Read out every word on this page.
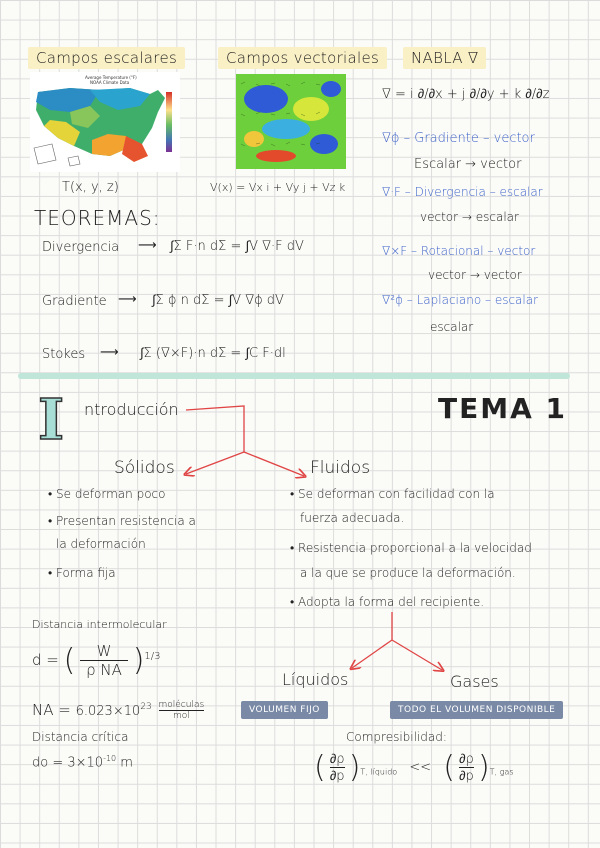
Campos escalares	Campos vectoriales	NABLA ∇
Average Temperature (°F)
NOAA Climate Data
T(x, y, z)	V(x) = Vx i + Vy j + Vz k
∇ = i ∂/∂x + j ∂/∂y + k ∂/∂z
∇ϕ – Gradiente – vector
Escalar → vector
∇·F – Divergencia – escalar
vector → escalar
∇×F – Rotacional – vector
vector → vector
∇²ϕ – Laplaciano – escalar
escalar
TEOREMAS:
Divergencia ⟶ ∫Σ F·n dΣ = ∫V ∇·F dV
Gradiente ⟶ ∫Σ ϕ n dΣ = ∫V ∇ϕ dV
Stokes ⟶ ∫Σ (∇×F)·n dΣ = ∫C F·dl
I ntroducción	TEMA 1
Sólidos
• Se deforman poco
• Presentan resistencia a
la deformación
• Forma fija
Fluidos
• Se deforman con facilidad con la
fuerza adecuada.
• Resistencia proporcional a la velocidad
a la que se produce la deformación.
• Adopta la forma del recipiente.
Distancia intermolecular
d = ( $\frac{W}{\text{ρ NA}} )^{1/3}$
NA = $6.023\times 10^{23}$ moléculas
mol
Distancia crítica
do = $3\times 10^{-10}$ m
Líquidos	Gases
VOLUMEN FIJO	TODO EL VOLUMEN DISPONIBLE
Compresibilidad:
( $\frac{\partial\rho}{\partial p} )_{T, líquido}$ << ( $\frac{\partial\rho}{\partial p} )_{T, gas}$
